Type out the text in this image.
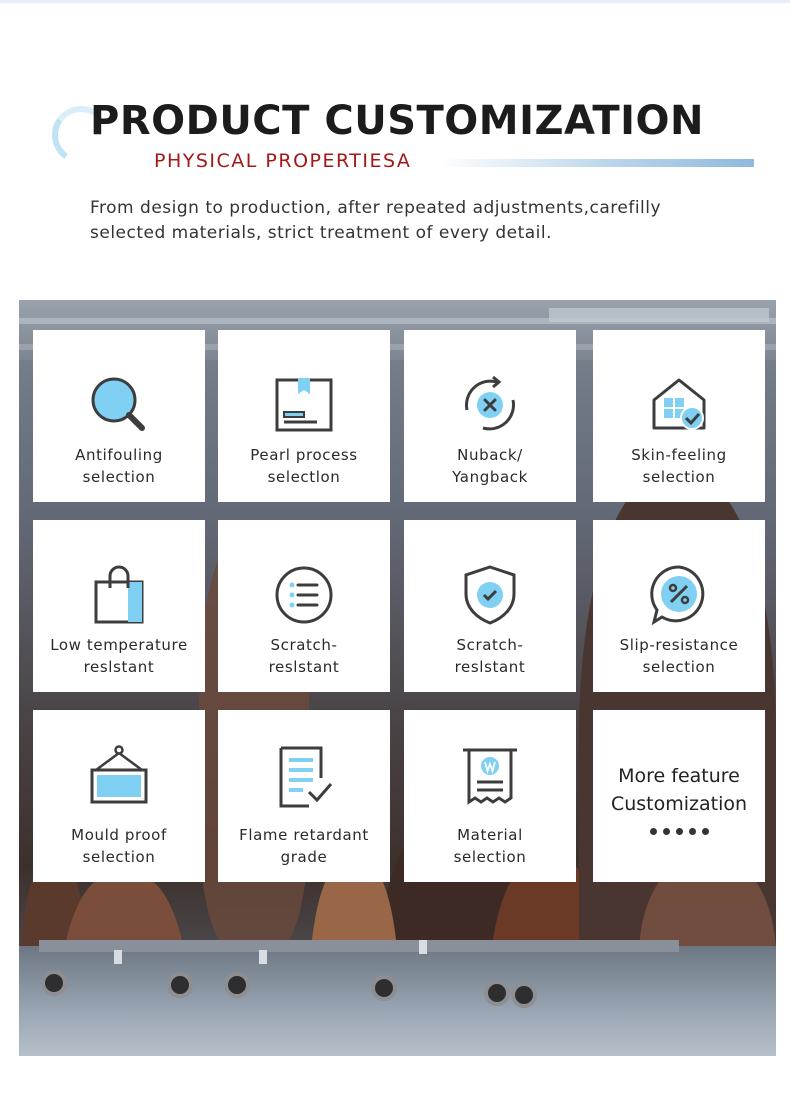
PRODUCT CUSTOMIZATION
PHYSICAL PROPERTIESA
From design to production, after repeated adjustments,carefilly selected materials, strict treatment of every detail.
Antifouling
selection
Pearl process
selectlon
Nuback/
Yangback
Skin-feeling
selection
Low temperature
reslstant
Scratch-
reslstant
Scratch-
reslstant
Slip-resistance
selection
Mould proof
selection
Flame retardant
grade
Material
selection
More feature
Customization
